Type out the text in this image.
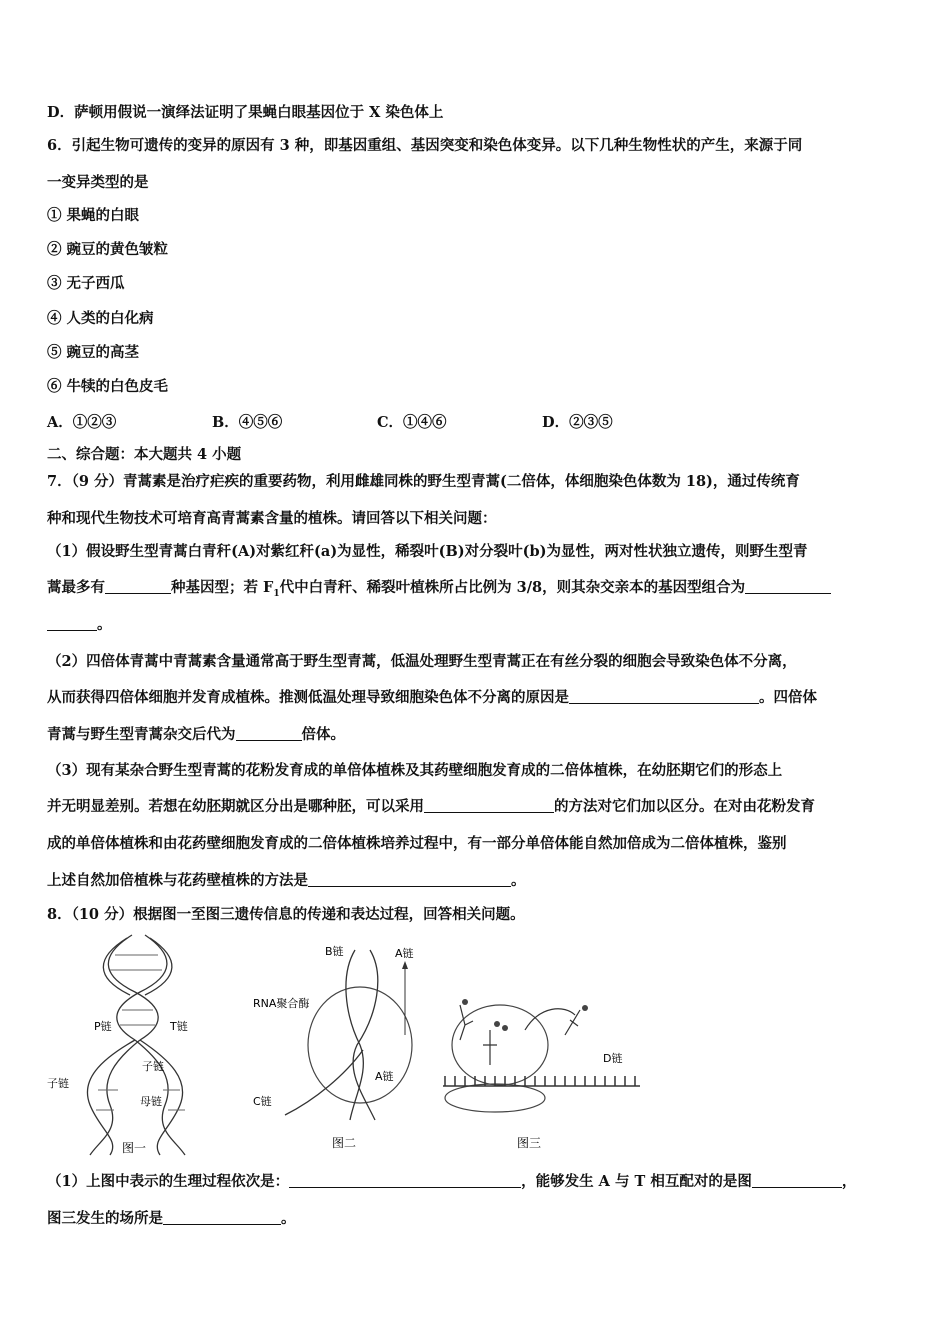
D．萨顿用假说一演绎法证明了果蝇白眼基因位于 X 染色体上
6．引起生物可遗传的变异的原因有 3 种，即基因重组、基因突变和染色体变异。以下几种生物性状的产生，来源于同
一变异类型的是
① 果蝇的白眼
② 豌豆的黄色皱粒
③ 无子西瓜
④ 人类的白化病
⑤ 豌豆的高茎
⑥ 牛犊的白色皮毛
A．①②③	B．④⑤⑥	C．①④⑥	D．②③⑤
二、综合题：本大题共 4 小题
7．（9 分）青蒿素是治疗疟疾的重要药物，利用雌雄同株的野生型青蒿(二倍体，体细胞染色体数为 18)，通过传统育
种和现代生物技术可培育高青蒿素含量的植株。请回答以下相关问题：
（1）假设野生型青蒿白青秆(A)对紫红秆(a)为显性，稀裂叶(B)对分裂叶(b)为显性，两对性状独立遗传，则野生型青
蒿最多有	种基因型；若 $F_1$代中白青秆、稀裂叶植株所占比例为 3/8，则其杂交亲本的基因型组合为
。
（2）四倍体青蒿中青蒿素含量通常高于野生型青蒿，低温处理野生型青蒿正在有丝分裂的细胞会导致染色体不分离，
从而获得四倍体细胞并发育成植株。推测低温处理导致细胞染色体不分离的原因是	。四倍体
青蒿与野生型青蒿杂交后代为	倍体。
（3）现有某杂合野生型青蒿的花粉发育成的单倍体植株及其药壁细胞发育成的二倍体植株，在幼胚期它们的形态上
并无明显差别。若想在幼胚期就区分出是哪种胚，可以采用	的方法对它们加以区分。在对由花粉发育
成的单倍体植株和由花药壁细胞发育成的二倍体植株培养过程中，有一部分单倍体能自然加倍成为二倍体植株，鉴别
上述自然加倍植株与花药壁植株的方法是	。
8．（10 分）根据图一至图三遗传信息的传递和表达过程，回答相关问题。
P链	T链
子链
子链
母链
图一
B链	A链
RNA聚合酶
C链
A链
图二
D链
图三
（1）上图中表示的生理过程依次是：	，能够发生 A 与 T 相互配对的是图	，
图三发生的场所是	。
